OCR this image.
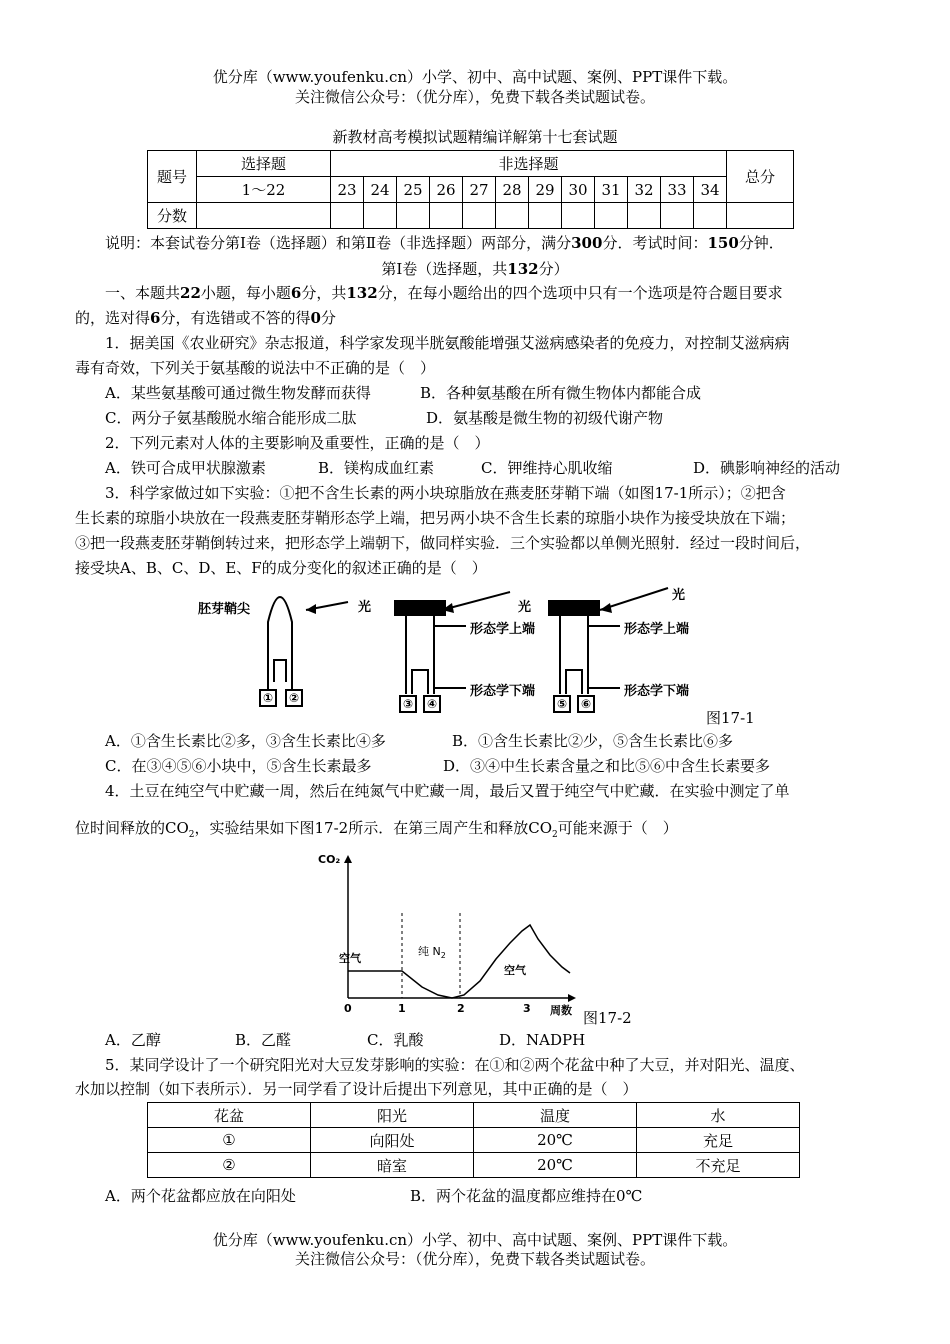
优分库（www.youfenku.cn）小学、初中、高中试题、案例、PPT课件下载。
关注微信公众号：（优分库），免费下载各类试题试卷。
新教材高考模拟试题精编详解第十七套试题
题号	选择题	非选择题												总分
	1～22	23	24	25	26	27	28	29	30	31	32	33	34	
分数														
说明：本套试卷分第Ⅰ卷（选择题）和第Ⅱ卷（非选择题）两部分，满分300分．考试时间：150分钟．
第Ⅰ卷（选择题，共132分）
一、本题共22小题，每小题6分，共132分，在每小题给出的四个选项中只有一个选项是符合题目要求
的，选对得6分，有选错或不答的得0分
1．据美国《农业研究》杂志报道，科学家发现半胱氨酸能增强艾滋病感染者的免疫力，对控制艾滋病病
毒有奇效，下列关于氨基酸的说法中不正确的是（　）
A．某些氨基酸可通过微生物发酵而获得	B．各种氨基酸在所有微生物体内都能合成
C．两分子氨基酸脱水缩合能形成二肽	D．氨基酸是微生物的初级代谢产物
2．下列元素对人体的主要影响及重要性，正确的是（　）
A．铁可合成甲状腺激素	B．镁构成血红素	C．钾维持心肌收缩	D．碘影响神经的活动
3．科学家做过如下实验：①把不含生长素的两小块琼脂放在燕麦胚芽鞘下端（如图17-1所示）；②把含
生长素的琼脂小块放在一段燕麦胚芽鞘形态学上端，把另两小块不含生长素的琼脂小块作为接受块放在下端；
③把一段燕麦胚芽鞘倒转过来，把形态学上端朝下，做同样实验．三个实验都以单侧光照射．经过一段时间后，
接受块A、B、C、D、E、F的成分变化的叙述正确的是（　）
胚芽鞘尖	光	光
光
形态学上端	形态学上端
形态学下端	形态学下端
① ②	③ ④	⑤ ⑥
图17-1
A．①含生长素比②多，③含生长素比④多	B．①含生长素比②少，⑤含生长素比⑥多
C．在③④⑤⑥小块中，⑤含生长素最多	D．③④中生长素含量之和比⑤⑥中含生长素要多
4．土豆在纯空气中贮藏一周，然后在纯氮气中贮藏一周，最后又置于纯空气中贮藏．在实验中测定了单
位时间释放的$CO_2$，实验结果如下图17-2所示．在第三周产生和释放$CO_2$可能来源于（　）
CO₂
空气
纯 $N_2$
空气
0	1	2	3 周数 图17-2
A．乙醇	B．乙醛	C．乳酸	D．NADPH
5．某同学设计了一个研究阳光对大豆发芽影响的实验：在①和②两个花盆中种了大豆，并对阳光、温度、
水加以控制（如下表所示）．另一同学看了设计后提出下列意见，其中正确的是（　）
花盆	阳光	温度	水
①	向阳处	20℃	充足
②	暗室	20℃	不充足
A．两个花盆都应放在向阳处	B．两个花盆的温度都应维持在0℃
优分库（www.youfenku.cn）小学、初中、高中试题、案例、PPT课件下载。
关注微信公众号：（优分库），免费下载各类试题试卷。
